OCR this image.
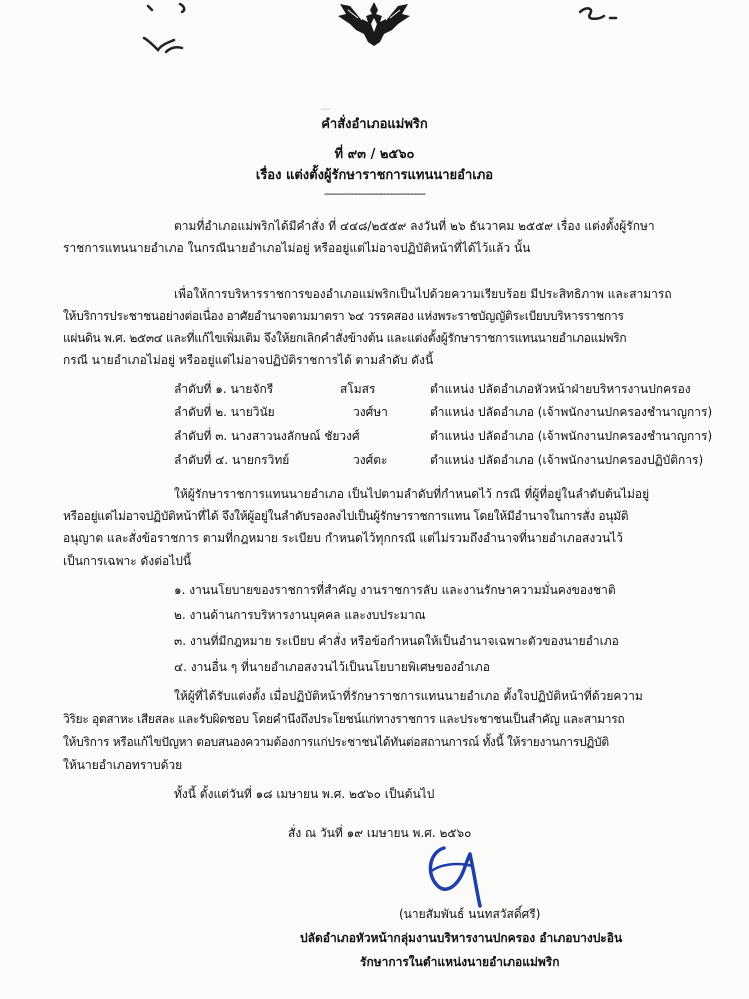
—
คำสั่งอำเภอแม่พริก
ที่ ๙๓ / ๒๕๖๐
เรื่อง แต่งตั้งผู้รักษาราชการแทนนายอำเภอ
----------------------------------
ตามที่อำเภอแม่พริกได้มีคำสั่ง ที่ ๔๔๘/๒๕๕๙ ลงวันที่ ๒๖ ธันวาคม ๒๕๕๙ เรื่อง แต่งตั้งผู้รักษา
ราชการแทนนายอำเภอ ในกรณีนายอำเภอไม่อยู่ หรืออยู่แต่ไม่อาจปฏิบัติหน้าที่ได้ไว้แล้ว นั้น
เพื่อให้การบริหารราชการของอำเภอแม่พริกเป็นไปด้วยความเรียบร้อย มีประสิทธิภาพ และสามารถ
ให้บริการประชาชนอย่างต่อเนื่อง อาศัยอำนาจตามมาตรา ๖๔ วรรคสอง แห่งพระราชบัญญัติระเบียบบริหารราชการ
แผ่นดิน พ.ศ. ๒๕๓๔ และที่แก้ไขเพิ่มเติม จึงให้ยกเลิกคำสั่งข้างต้น และแต่งตั้งผู้รักษาราชการแทนนายอำเภอแม่พริก
กรณี นายอำเภอไม่อยู่ หรืออยู่แต่ไม่อาจปฏิบัติราชการได้ ตามลำดับ ดังนี้
ลำดับที่ ๑. นายจักรี	สโมสร	ตำแหน่ง ปลัดอำเภอหัวหน้าฝ่ายบริหารงานปกครอง
ลำดับที่ ๒. นายวินัย	วงศ์ษา	ตำแหน่ง ปลัดอำเภอ (เจ้าพนักงานปกครองชำนาญการ)
ลำดับที่ ๓. นางสาวนงลักษณ์ ชัยวงศ์	ตำแหน่ง ปลัดอำเภอ (เจ้าพนักงานปกครองชำนาญการ)
ลำดับที่ ๔. นายกรวิทย์	วงศ์ตะ	ตำแหน่ง ปลัดอำเภอ (เจ้าพนักงานปกครองปฏิบัติการ)
ให้ผู้รักษาราชการแทนนายอำเภอ เป็นไปตามลำดับที่กำหนดไว้ กรณี ที่ผู้ที่อยู่ในลำดับต้นไม่อยู่
หรืออยู่แต่ไม่อาจปฏิบัติหน้าที่ได้ จึงให้ผู้อยู่ในลำดับรองลงไปเป็นผู้รักษาราชการแทน โดยให้มีอำนาจในการสั่ง อนุมัติ
อนุญาต และสั่งข้อราชการ ตามที่กฎหมาย ระเบียบ กำหนดไว้ทุกกรณี แต่ไม่รวมถึงอำนาจที่นายอำเภอสงวนไว้
เป็นการเฉพาะ ดังต่อไปนี้
๑. งานนโยบายของราชการที่สำคัญ งานราชการลับ และงานรักษาความมั่นคงของชาติ
๒. งานด้านการบริหารงานบุคคล และงบประมาณ
๓. งานที่มีกฎหมาย ระเบียบ คำสั่ง หรือข้อกำหนดให้เป็นอำนาจเฉพาะตัวของนายอำเภอ
๔. งานอื่น ๆ ที่นายอำเภอสงวนไว้เป็นนโยบายพิเศษของอำเภอ
ให้ผู้ที่ได้รับแต่งตั้ง เมื่อปฏิบัติหน้าที่รักษาราชการแทนนายอำเภอ ตั้งใจปฏิบัติหน้าที่ด้วยความ
วิริยะ อุตสาหะ เสียสละ และรับผิดชอบ โดยคำนึงถึงประโยชน์แก่ทางราชการ และประชาชนเป็นสำคัญ และสามารถ
ให้บริการ หรือแก้ไขปัญหา ตอบสนองความต้องการแก่ประชาชนได้ทันต่อสถานการณ์ ทั้งนี้ ให้รายงานการปฏิบัติ
ให้นายอำเภอทราบด้วย
ทั้งนี้ ตั้งแต่วันที่ ๑๘ เมษายน พ.ศ. ๒๕๖๐ เป็นต้นไป
สั่ง ณ วันที่ ๑๙ เมษายน พ.ศ. ๒๕๖๐
(นายสัมพันธ์ นนทสวัสดิ์ศรี)
ปลัดอำเภอหัวหน้ากลุ่มงานบริหารงานปกครอง อำเภอบางปะอิน
รักษาการในตำแหน่งนายอำเภอแม่พริก
